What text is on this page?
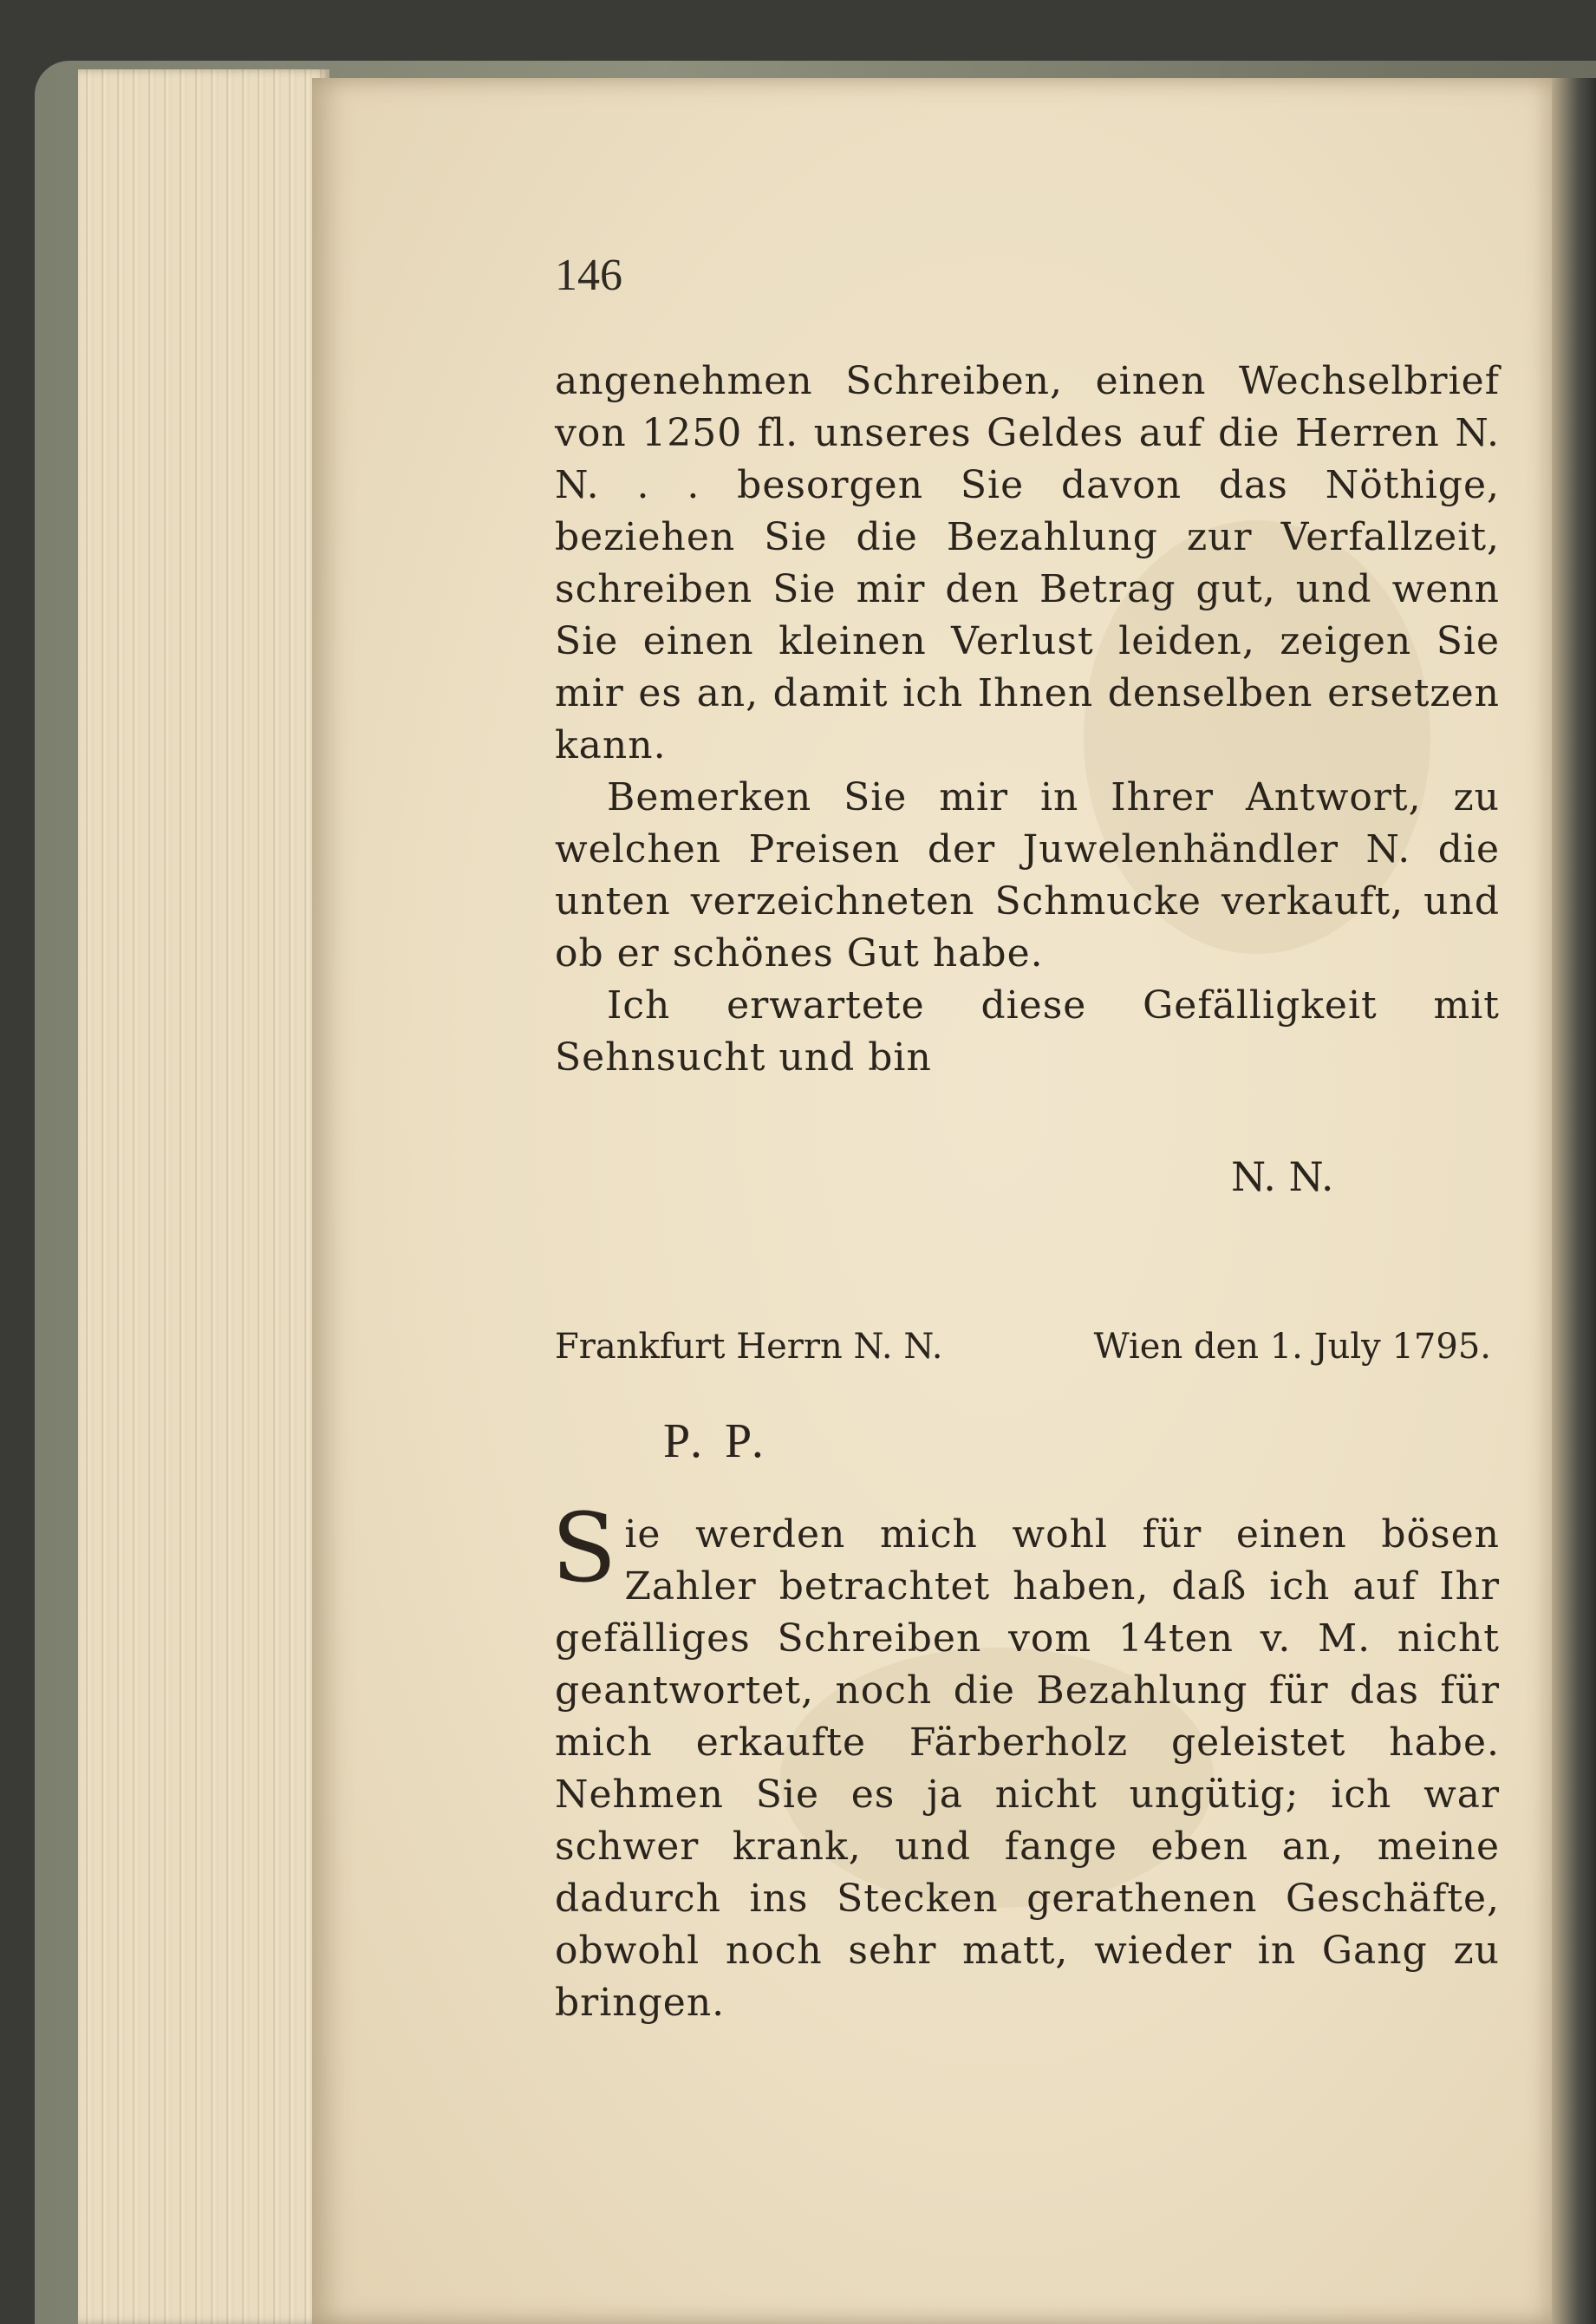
146

angenehmen Schreiben, einen Wechselbrief von 1250 fl. unseres Geldes auf die Herren N. N. . . besorgen Sie davon das Nöthige, beziehen Sie die Bezahlung zur Verfallzeit, schreiben Sie mir den Betrag gut, und wenn Sie einen kleinen Verlust leiden, zeigen Sie mir es an, damit ich Ihnen denselben ersetzen kann.

Bemerken Sie mir in Ihrer Antwort, zu welchen Preisen der Juwelenhändler N. die unten verzeichneten Schmucke verkauft, und ob er schönes Gut habe.

Ich erwartete diese Gefälligkeit mit Sehnsucht und bin

N. N.
Frankfurt Herrn N. N.	Wien den 1. July 1795.
P. P.

Sie werden mich wohl für einen bösen Zahler betrachtet haben, daß ich auf Ihr gefälliges Schreiben vom 14ten v. M. nicht geantwortet, noch die Bezahlung für das für mich erkaufte Färberholz geleistet habe. Nehmen Sie es ja nicht ungütig; ich war schwer krank, und fange eben an, meine dadurch ins Stecken gerathenen Geschäfte, obwohl noch sehr matt, wieder in Gang zu bringen.
